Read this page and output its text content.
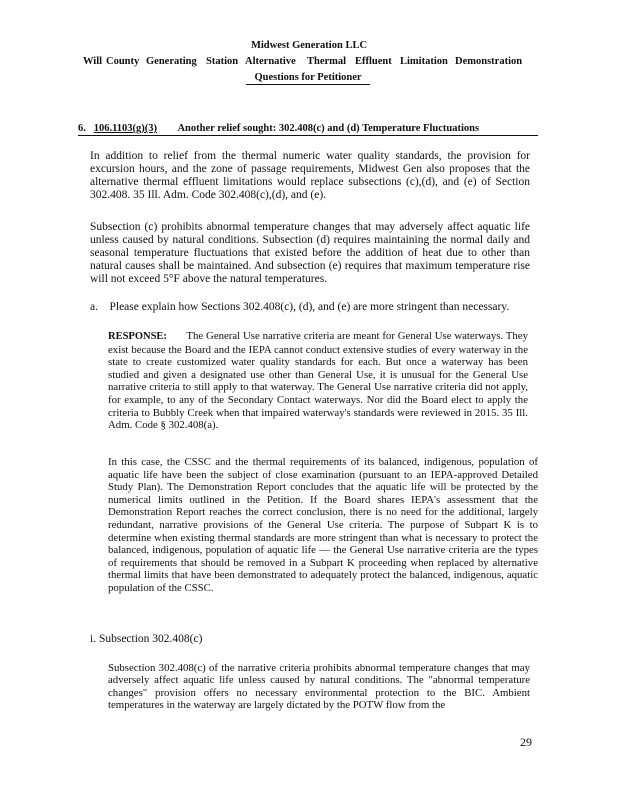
Midwest Generation LLC
Will County Generating Station Alternative Thermal Effluent Limitation Demonstration
Questions for Petitioner
6. 106.1103(g)(3) Another relief sought: 302.408(c) and (d) Temperature Fluctuations
In addition to relief from the thermal numeric water quality standards, the provision for excursion hours, and the zone of passage requirements, Midwest Gen also proposes that the alternative thermal effluent limitations would replace subsections (c),(d), and (e) of Section 302.408. 35 Ill. Adm. Code 302.408(c),(d), and (e).
Subsection (c) prohibits abnormal temperature changes that may adversely affect aquatic life unless caused by natural conditions. Subsection (d) requires maintaining the normal daily and seasonal temperature fluctuations that existed before the addition of heat due to other than natural causes shall be maintained. And subsection (e) requires that maximum temperature rise will not exceed 5°F above the natural temperatures.
a. Please explain how Sections 302.408(c), (d), and (e) are more stringent than necessary.
RESPONSE: The General Use narrative criteria are meant for General Use waterways. They exist because the Board and the IEPA cannot conduct extensive studies of every waterway in the state to create customized water quality standards for each. But once a waterway has been studied and given a designated use other than General Use, it is unusual for the General Use narrative criteria to still apply to that waterway. The General Use narrative criteria did not apply, for example, to any of the Secondary Contact waterways. Nor did the Board elect to apply the criteria to Bubbly Creek when that impaired waterway's standards were reviewed in 2015. 35 Ill. Adm. Code § 302.408(a).
In this case, the CSSC and the thermal requirements of its balanced, indigenous, population of aquatic life have been the subject of close examination (pursuant to an IEPA-approved Detailed Study Plan). The Demonstration Report concludes that the aquatic life will be protected by the numerical limits outlined in the Petition. If the Board shares IEPA's assessment that the Demonstration Report reaches the correct conclusion, there is no need for the additional, largely redundant, narrative provisions of the General Use criteria. The purpose of Subpart K is to determine when existing thermal standards are more stringent than what is necessary to protect the balanced, indigenous, population of aquatic life — the General Use narrative criteria are the types of requirements that should be removed in a Subpart K proceeding when replaced by alternative thermal limits that have been demonstrated to adequately protect the balanced, indigenous, aquatic population of the CSSC.
i. Subsection 302.408(c)
Subsection 302.408(c) of the narrative criteria prohibits abnormal temperature changes that may adversely affect aquatic life unless caused by natural conditions. The "abnormal temperature changes" provision offers no necessary environmental protection to the BIC. Ambient temperatures in the waterway are largely dictated by the POTW flow from the
29
